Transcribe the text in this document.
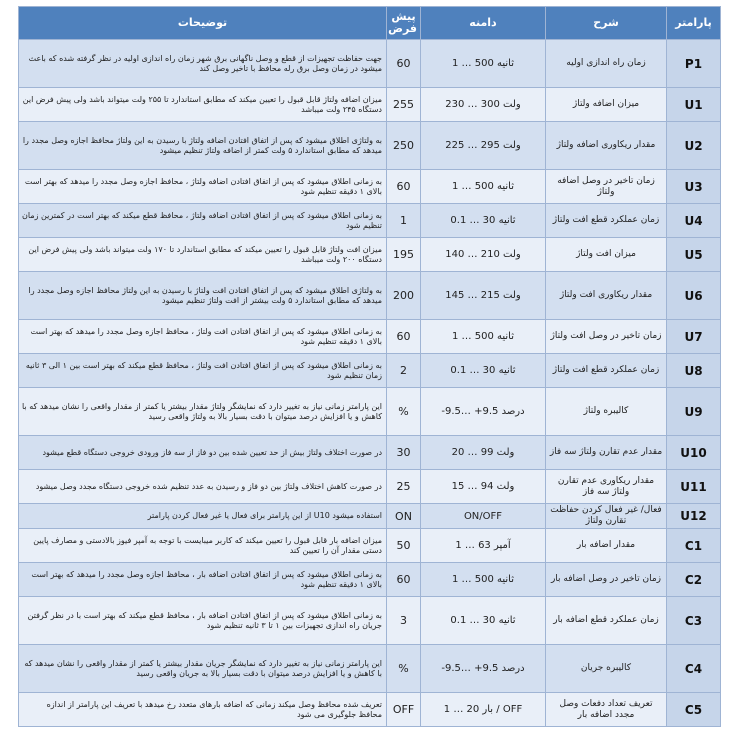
پارامتر	شرح	دامنه	پیش فرض	توضیحات
P1	زمان راه اندازی اولیه	ثانیه 500 … 1	60	جهت حفاظت تجهیزات از قطع و وصل ناگهانی برق شهر زمان راه اندازی اولیه در نظر گرفته شده که باعث میشود در زمان وصل برق رله محافظ با تاخیر وصل کند
U1	میزان اضافه ولتاژ	ولت 300 … 230	255	میزان اضافه ولتاژ قابل قبول را تعیین میکند که مطابق استاندارد تا ۲۵۵ ولت میتواند باشد ولی پیش فرض این دستگاه ۲۴۵ ولت میباشد
U2	مقدار ریکاوری اضافه ولتاژ	ولت 295 … 225	250	به ولتاژی اطلاق میشود که پس از اتفاق افتادن اضافه ولتاژ با رسیدن به این ولتاژ محافظ اجازه وصل مجدد را میدهد که مطابق استاندارد ۵ ولت کمتر از اضافه ولتاژ تنظیم میشود
U3	زمان تاخیر در وصل اضافه ولتاژ	ثانیه 500 … 1	60	به زمانی اطلاق میشود که پس از اتفاق افتادن اضافه ولتاژ ، محافظ اجازه وصل مجدد را میدهد که بهتر است بالای ۱ دقیقه تنظیم شود
U4	زمان عملکرد قطع افت ولتاژ	ثانیه 30 … 0.1	1	به زمانی اطلاق میشود که پس از اتفاق افتادن اضافه ولتاژ ، محافظ قطع میکند که بهتر است در کمترین زمان تنظیم شود
U5	میزان افت ولتاژ	ولت 210 … 140	195	میزان افت ولتاژ قابل قبول را تعیین میکند که مطابق استاندارد تا ۱۷۰ ولت میتواند باشد ولی پیش فرض این دستگاه ۲۰۰ ولت میباشد
U6	مقدار ریکاوری افت ولتاژ	ولت 215 … 145	200	به ولتاژی اطلاق میشود که پس از اتفاق افتادن افت ولتاژ با رسیدن به این ولتاژ محافظ اجازه وصل مجدد را میدهد که مطابق استاندارد ۵ ولت بیشتر از افت ولتاژ تنظیم میشود
U7	زمان تاخیر در وصل افت ولتاژ	ثانیه 500 … 1	60	به زمانی اطلاق میشود که پس از اتفاق افتادن افت ولتاژ ، محافظ اجازه وصل مجدد را میدهد که بهتر است بالای ۱ دقیقه تنظیم شود
U8	زمان عملکرد قطع افت ولتاژ	ثانیه 30 … 0.1	2	به زمانی اطلاق میشود که پس از اتفاق افتادن افت ولتاژ ، محافظ قطع میکند که بهتر است بین ۱ الی ۳ ثانیه زمان تنظیم شود
U9	کالیبره ولتاژ	درصد 9.5+ …9.5-	%	این پارامتر زمانی نیاز به تغییر دارد که نمایشگر ولتاژ مقدار بیشتر یا کمتر از مقدار واقعی را نشان میدهد که با کاهش و یا افزایش درصد میتوان با دقت بسیار بالا به ولتاژ واقعی رسید
U10	مقدار عدم تقارن ولتاژ سه فاز	ولت 99 … 20	30	در صورت اختلاف ولتاژ بیش از حد تعیین شده بین دو فاز از سه فاز ورودی خروجی دستگاه قطع میشود
U11	مقدار ریکاوری عدم تقارن ولتاژ سه فاز	ولت 94 … 15	25	در صورت کاهش اختلاف ولتاژ بین دو فاز و رسیدن به عدد تنظیم شده خروجی دستگاه مجدد وصل میشود
U12	فعال/ غیر فعال کردن حفاظت تقارن ولتاژ	ON/OFF	ON	استفاده میشود U10 از این پارامتر برای فعال یا غیر فعال کردن پارامتر
C1	مقدار اضافه بار	آمپر 63 … 1	50	میزان اضافه بار قابل قبول را تعیین میکند که کاربر میبایست با توجه به آمپر فیوز بالادستی و مصارف پایین دستی مقدار آن را تعیین کند
C2	زمان تاخیر در وصل اضافه بار	ثانیه 500 … 1	60	به زمانی اطلاق میشود که پس از اتفاق افتادن اضافه بار ، محافظ اجازه وصل مجدد را میدهد که بهتر است بالای ۱ دقیقه تنظیم شود
C3	زمان عملکرد قطع اضافه بار	ثانیه 30 … 0.1	3	به زمانی اطلاق میشود که پس از اتفاق افتادن اضافه بار ، محافظ قطع میکند که بهتر است با در نظر گرفتن جریان راه اندازی تجهیزات بین ۱ تا ۳ ثانیه تنظیم شود
C4	کالیبره جریان	درصد 9.5+ …9.5-	%	این پارامتر زمانی نیاز به تغییر دارد که نمایشگر جریان مقدار بیشتر یا کمتر از مقدار واقعی را نشان میدهد که با کاهش و یا افزایش درصد میتوان با دقت بسیار بالا به جریان واقعی رسید
C5	تعریف تعداد دفعات وصل مجدد اضافه بار	OFF / بار 20 … 1	OFF	تعریف شده محافظ وصل میکند زمانی که اضافه بارهای متعدد رخ میدهد با تعریف این پارامتر از اندازه محافظ جلوگیری می شود
